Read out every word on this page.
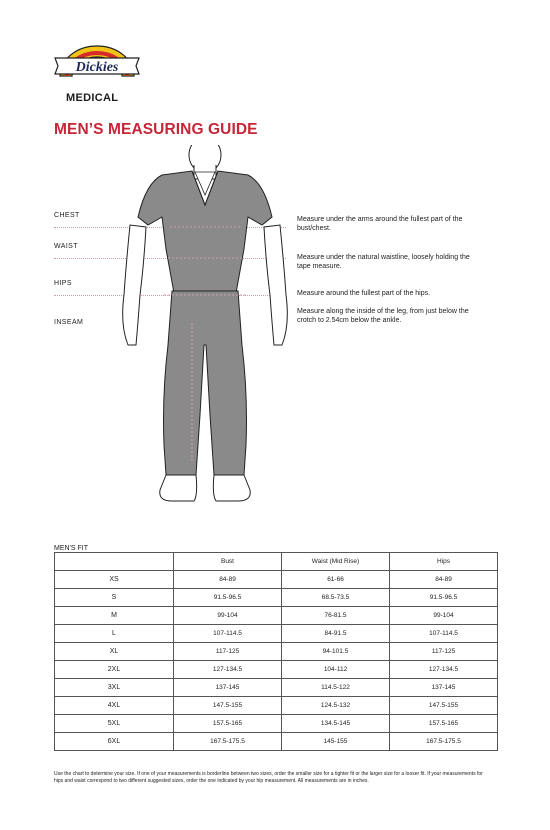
Dickies
MEDICAL
MEN’S MEASURING GUIDE
CHEST
WAIST
HIPS
INSEAM
Measure under the arms around the fullest part of the bust/chest.
Measure under the natural waistline, loosely holding the tape measure.
Measure around the fullest part of the hips.
Measure along the inside of the leg, from just below the crotch to 2.54cm below the ankle.
MEN'S FIT
	Bust	Waist (Mid Rise)	Hips
XS	84-89	61-66	84-89
S	91.5-96.5	68.5-73.5	91.5-96.5
M	99-104	76-81.5	99-104
L	107-114.5	84-91.5	107-114.5
XL	117-125	94-101.5	117-125
2XL	127-134.5	104-112	127-134.5
3XL	137-145	114.5-122	137-145
4XL	147.5-155	124.5-132	147.5-155
5XL	157.5-165	134.5-145	157.5-165
6XL	167.5-175.5	145-155	167.5-175.5
Use the chart to determine your size. If one of your measurements is borderline between two sizes, order the smaller size for a tighter fit or the larger size for a looser fit. If your measurements for hips and waist correspond to two different suggested sizes, order the one indicated by your hip measurement. All measurements are in inches.
